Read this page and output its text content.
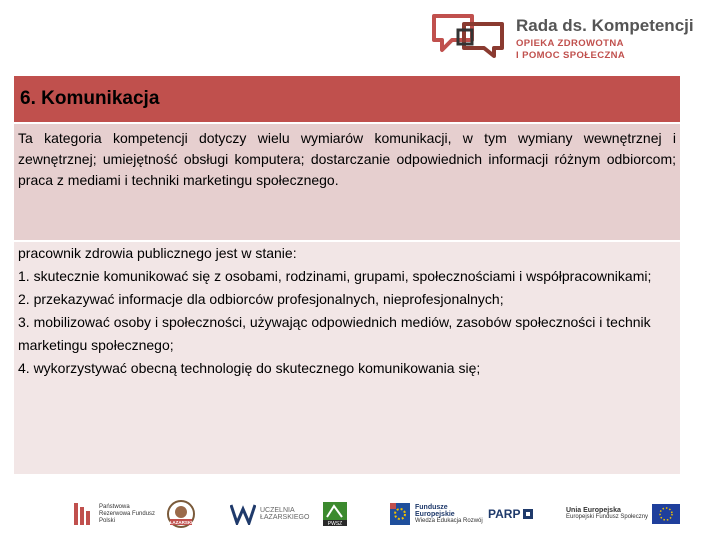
Rada ds. Kompetencji
OPIEKA ZDROWOTNA
I POMOC SPOŁECZNA
6. Komunikacja
Ta kategoria kompetencji dotyczy wielu wymiarów komunikacji, w tym wymiany wewnętrznej i zewnętrznej; umiejętność obsługi komputera; dostarczanie odpowiednich informacji różnym odbiorcom; praca z mediami i techniki marketingu społecznego.
pracownik zdrowia publicznego jest w stanie:
1. skutecznie komunikować się z osobami, rodzinami, grupami, społecznościami i współpracownikami;
2. przekazywać informacje dla odbiorców profesjonalnych, nieprofesjonalnych;
3. mobilizować osoby i społeczności, używając odpowiednich mediów, zasobów społeczności i technik marketingu społecznego;
4. wykorzystywać obecną technologię do skutecznego komunikowania się;
Państwowa
Rezerwowa Fundusz
Polski	ŁAZARSKI
UCZELNIA
ŁAZARSKIEGO
PWSZ
Fundusze
Europejskie
Wiedza Edukacja Rozwój PARP	Unia Europejska
Europejski Fundusz Społeczny
